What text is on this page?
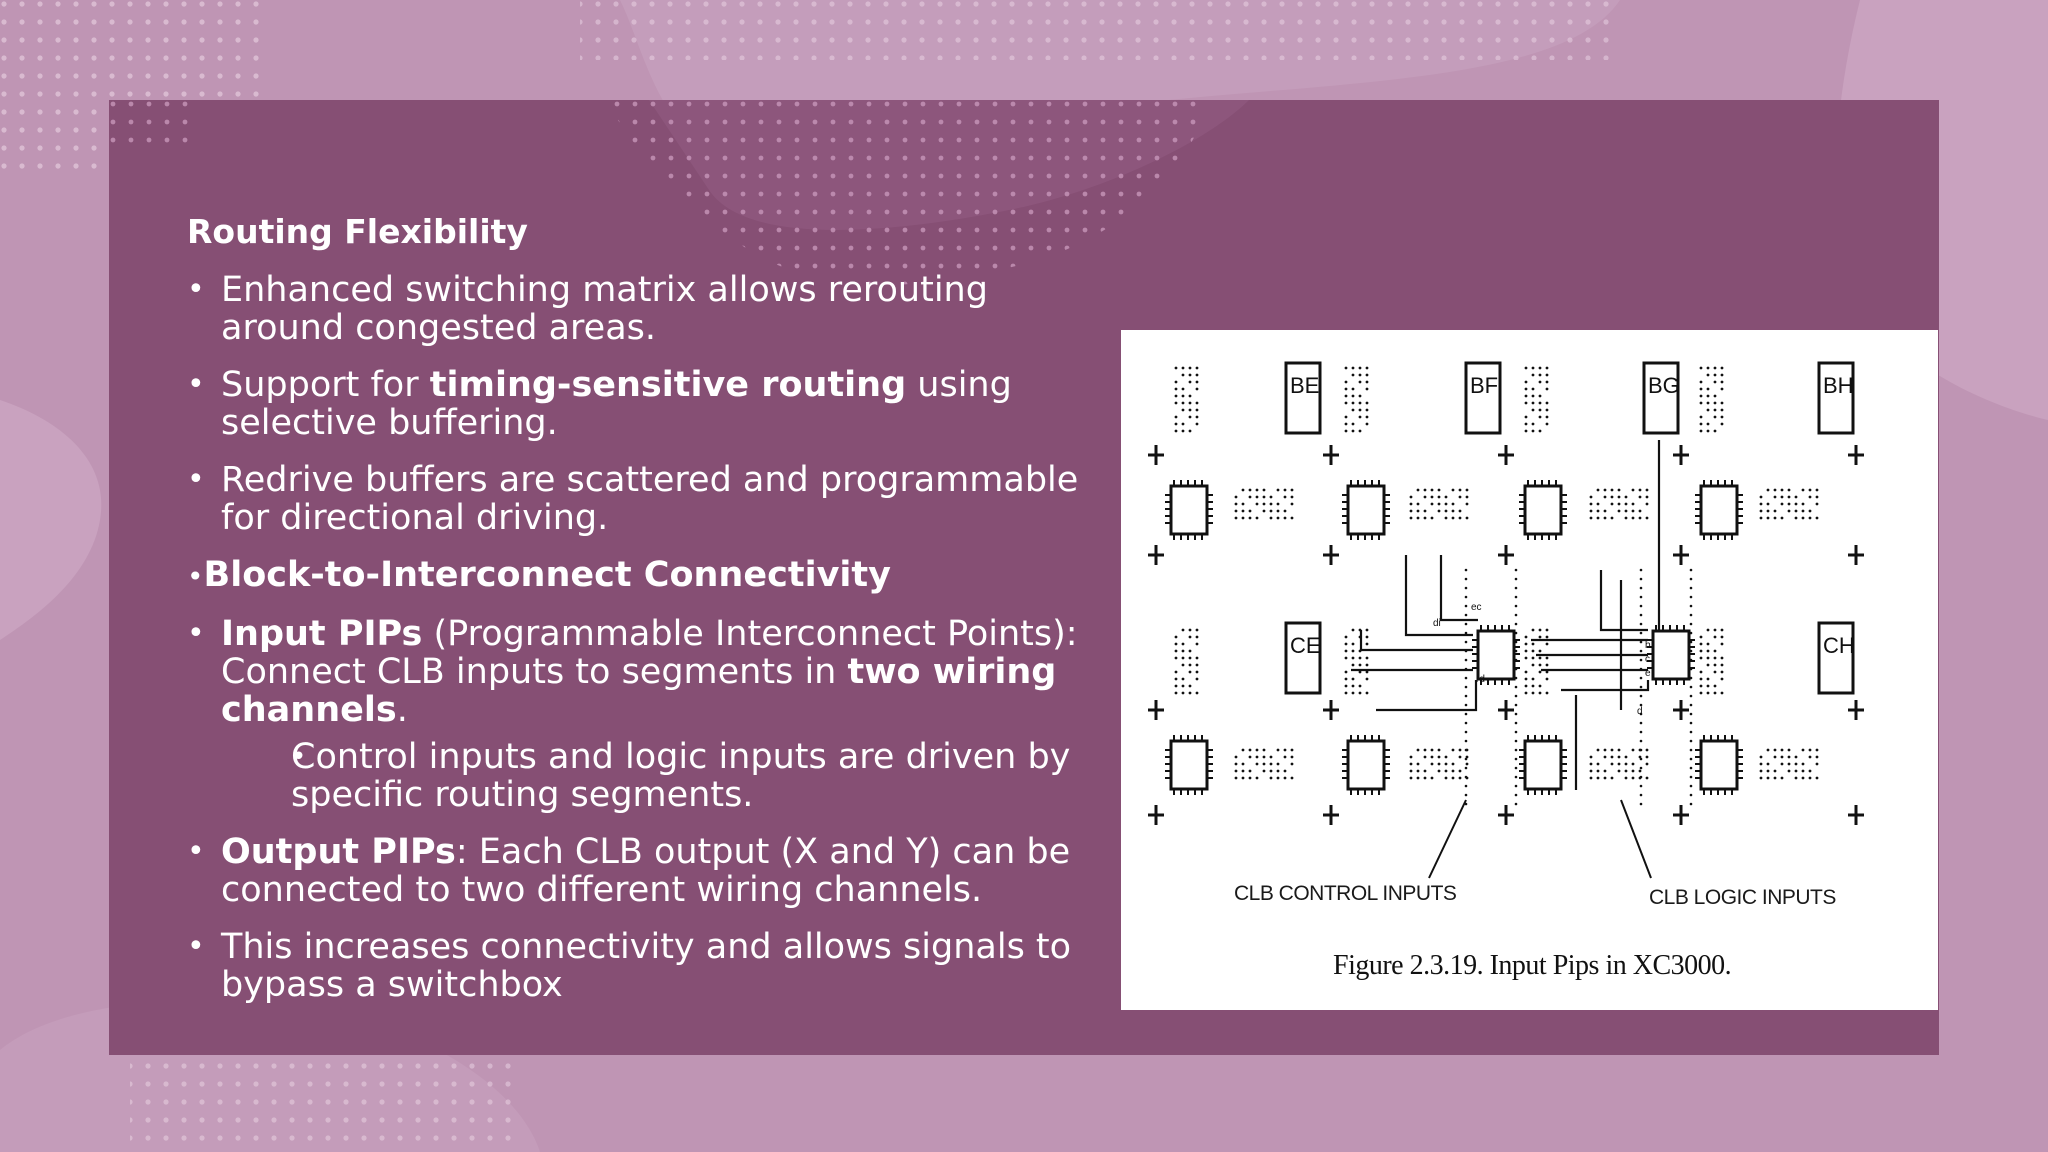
Routing Flexibility
• Enhanced switching matrix allows rerouting around congested areas.
• Support for timing-sensitive routing using selective buffering.
• Redrive buffers are scattered and programmable for directional driving.
•Block-to-Interconnect Connectivity
• Input PIPs (Programmable Interconnect Points): Connect CLB inputs to segments in two wiring channels.
• Control inputs and logic inputs are driven by specific routing segments.
• Output PIPs: Each CLB output (X and Y) can be connected to two different wiring channels.
• This increases connectivity and allows signals to bypass a switchbox
BE	BF	BG	BH
CE	CH
ec
di
rd
b
c
e
d
CLB CONTROL INPUTS	CLB LOGIC INPUTS
Figure 2.3.19. Input Pips in XC3000.
